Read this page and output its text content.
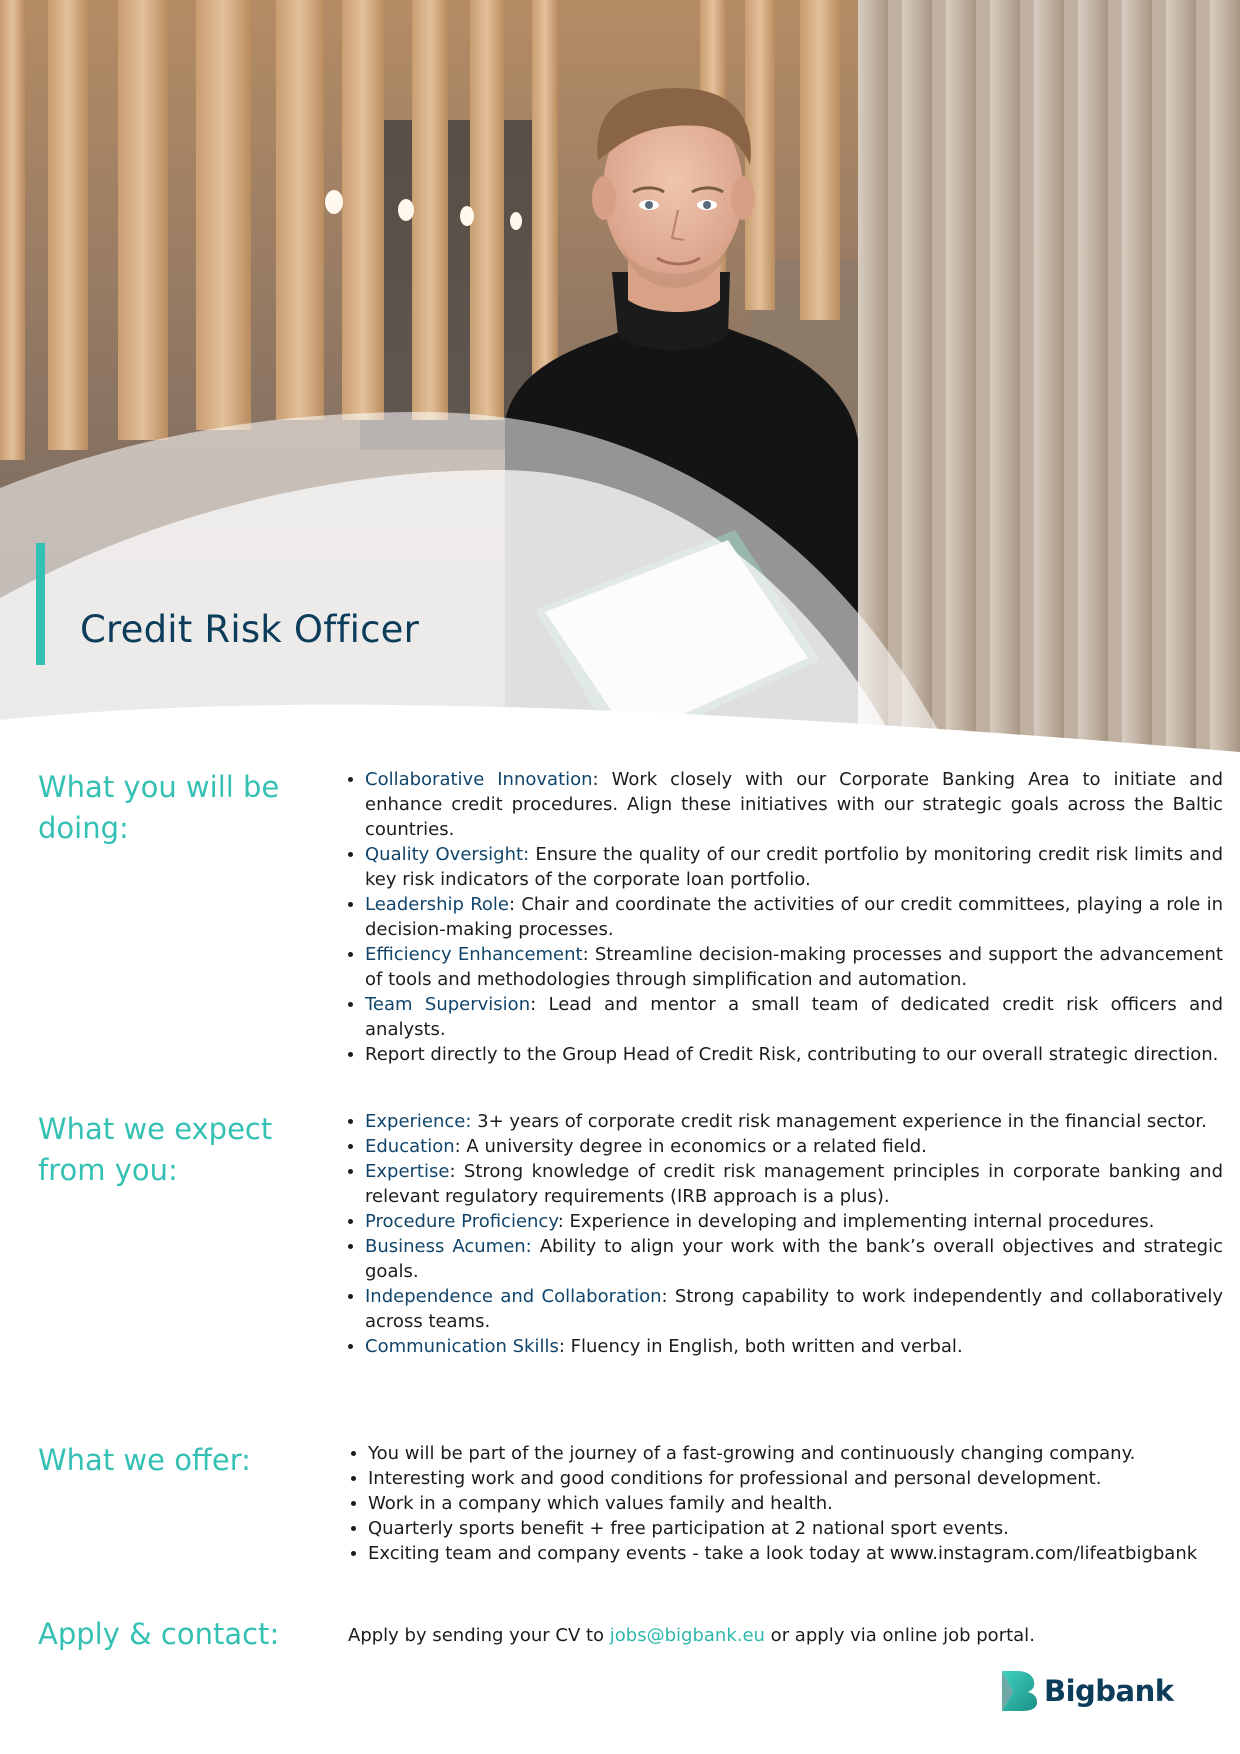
Credit Risk Officer
What you will be doing:
• Collaborative Innovation: Work closely with our Corporate Banking Area to initiate and enhance credit procedures. Align these initiatives with our strategic goals across the Baltic countries.
• Quality Oversight: Ensure the quality of our credit portfolio by monitoring credit risk limits and key risk indicators of the corporate loan portfolio.
• Leadership Role: Chair and coordinate the activities of our credit committees, playing a role in decision-making processes.
• Efficiency Enhancement: Streamline decision-making processes and support the advancement of tools and methodologies through simplification and automation.
• Team Supervision: Lead and mentor a small team of dedicated credit risk officers and analysts.
• Report directly to the Group Head of Credit Risk, contributing to our overall strategic direction.
What we expect from you:
• Experience: 3+ years of corporate credit risk management experience in the financial sector.
• Education: A university degree in economics or a related field.
• Expertise: Strong knowledge of credit risk management principles in corporate banking and relevant regulatory requirements (IRB approach is a plus).
• Procedure Proficiency: Experience in developing and implementing internal procedures.
• Business Acumen: Ability to align your work with the bank’s overall objectives and strategic goals.
• Independence and Collaboration: Strong capability to work independently and collaboratively across teams.
• Communication Skills: Fluency in English, both written and verbal.
What we offer:
•	You will be part of the journey of a fast-growing and continuously changing company.
• Interesting work and good conditions for professional and personal development.
• Work in a company which values family and health.
• Quarterly sports benefit + free participation at 2 national sport events.
• Exciting team and company events - take a look today at www.instagram.com/lifeatbigbank
Apply & contact:	Apply by sending your CV to jobs@bigbank.eu or apply via online job portal.

Bigbank
